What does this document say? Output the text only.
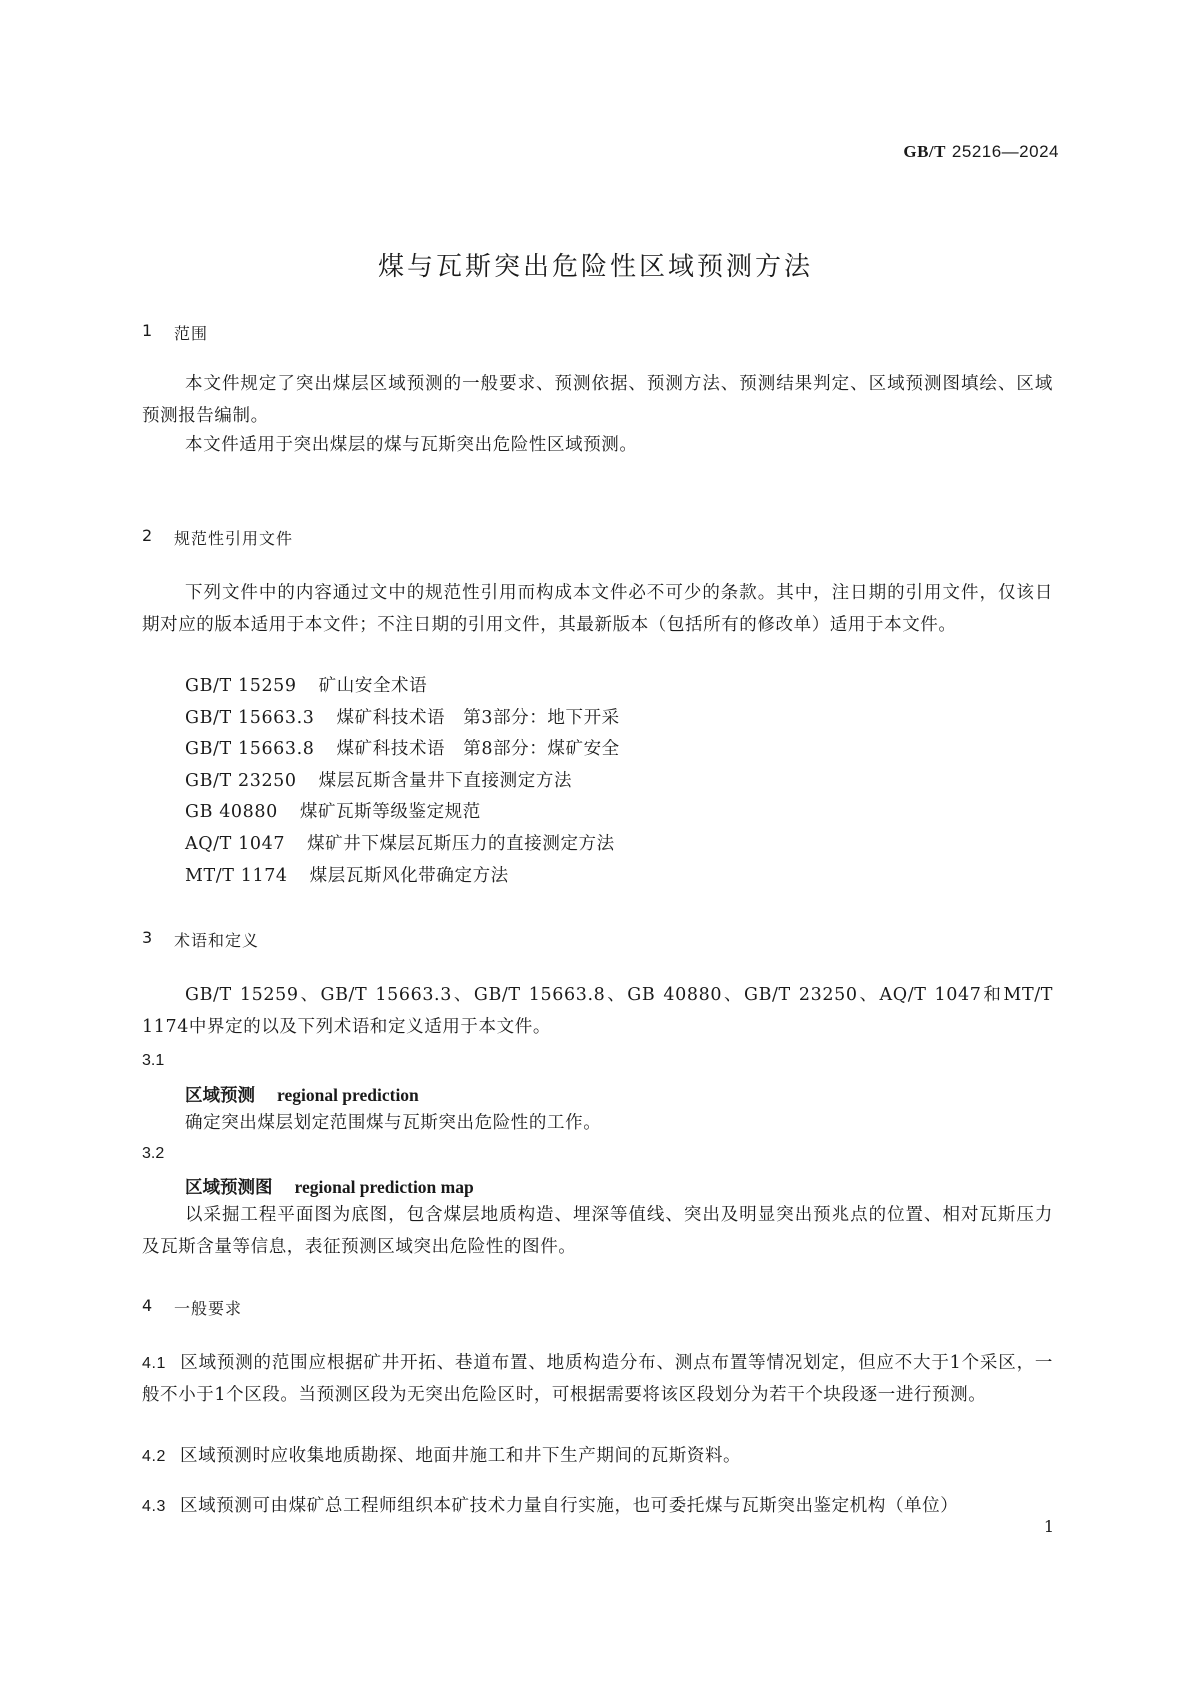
GB/T 25216—2024
煤与瓦斯突出危险性区域预测方法
1 范围
本文件规定了突出煤层区域预测的一般要求、预测依据、预测方法、预测结果判定、区域预测图填绘、区域预测报告编制。
本文件适用于突出煤层的煤与瓦斯突出危险性区域预测。
2 规范性引用文件
下列文件中的内容通过文中的规范性引用而构成本文件必不可少的条款。其中，注日期的引用文件，仅该日期对应的版本适用于本文件；不注日期的引用文件，其最新版本（包括所有的修改单）适用于本文件。
GB/T 15259 矿山安全术语
GB/T 15663.3 煤矿科技术语　第3部分：地下开采
GB/T 15663.8 煤矿科技术语　第8部分：煤矿安全
GB/T 23250 煤层瓦斯含量井下直接测定方法
GB 40880 煤矿瓦斯等级鉴定规范
AQ/T 1047 煤矿井下煤层瓦斯压力的直接测定方法
MT/T 1174 煤层瓦斯风化带确定方法
3 术语和定义
GB/T 15259、GB/T 15663.3、GB/T 15663.8、GB 40880、GB/T 23250、AQ/T 1047和MT/T 1174中界定的以及下列术语和定义适用于本文件。
3.1
区域预测 regional prediction
确定突出煤层划定范围煤与瓦斯突出危险性的工作。
3.2
区域预测图 regional prediction map
以采掘工程平面图为底图，包含煤层地质构造、埋深等值线、突出及明显突出预兆点的位置、相对瓦斯压力及瓦斯含量等信息，表征预测区域突出危险性的图件。
4 一般要求
4.1 区域预测的范围应根据矿井开拓、巷道布置、地质构造分布、测点布置等情况划定，但应不大于1个采区，一般不小于1个区段。当预测区段为无突出危险区时，可根据需要将该区段划分为若干个块段逐一进行预测。
4.2 区域预测时应收集地质勘探、地面井施工和井下生产期间的瓦斯资料。
4.3 区域预测可由煤矿总工程师组织本矿技术力量自行实施，也可委托煤与瓦斯突出鉴定机构（单位）
1
